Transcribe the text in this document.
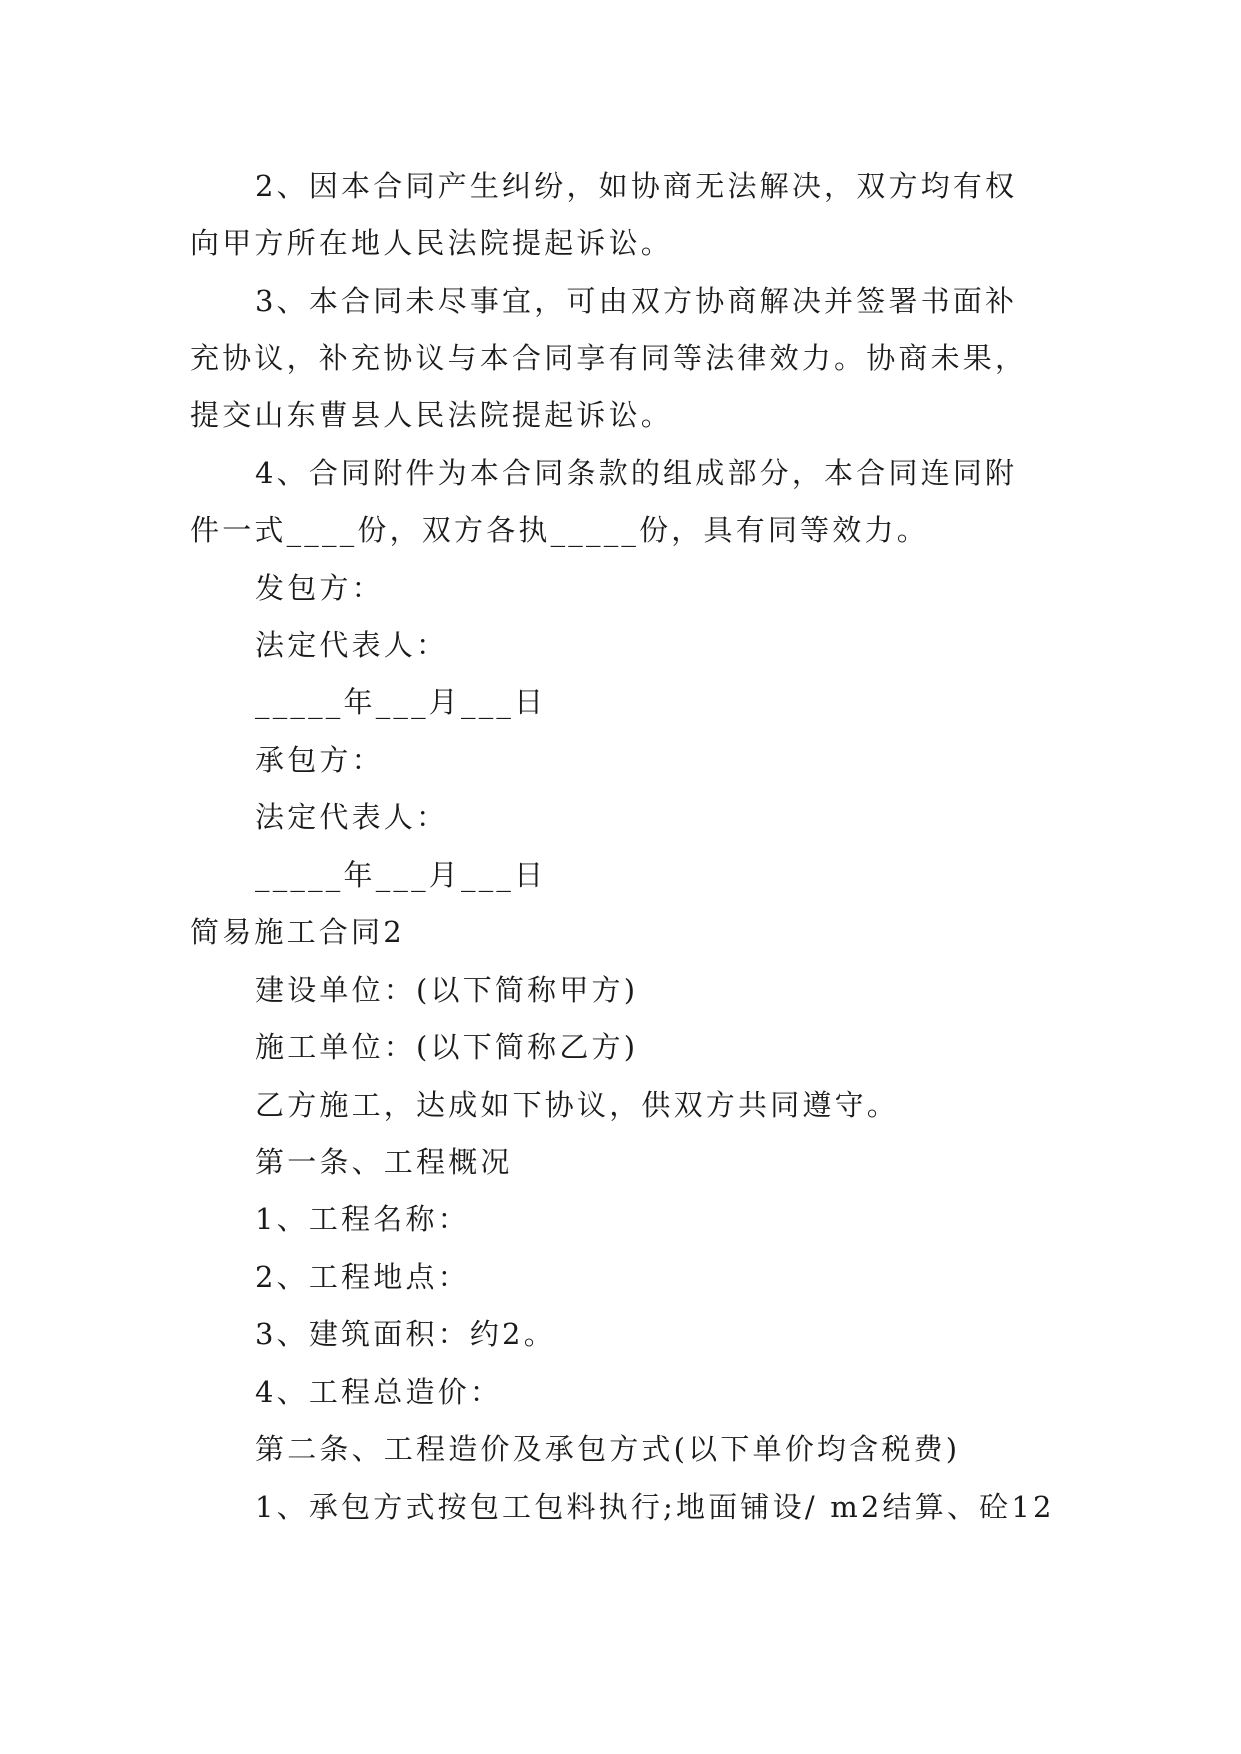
2、因本合同产生纠纷，如协商无法解决，双方均有权
向甲方所在地人民法院提起诉讼。
3、本合同未尽事宜，可由双方协商解决并签署书面补
充协议，补充协议与本合同享有同等法律效力。协商未果，
提交山东曹县人民法院提起诉讼。
4、合同附件为本合同条款的组成部分，本合同连同附
件一式____份，双方各执_____份，具有同等效力。
发包方：
法定代表人：
_____年___月___日
承包方：
法定代表人：
_____年___月___日
简易施工合同2
建设单位：(以下简称甲方)
施工单位：(以下简称乙方)
乙方施工，达成如下协议，供双方共同遵守。
第一条、工程概况
1、工程名称：
2、工程地点：
3、建筑面积：约2。
4、工程总造价：
第二条、工程造价及承包方式(以下单价均含税费)
1、承包方式按包工包料执行;地面铺设/ m2结算、砼12
